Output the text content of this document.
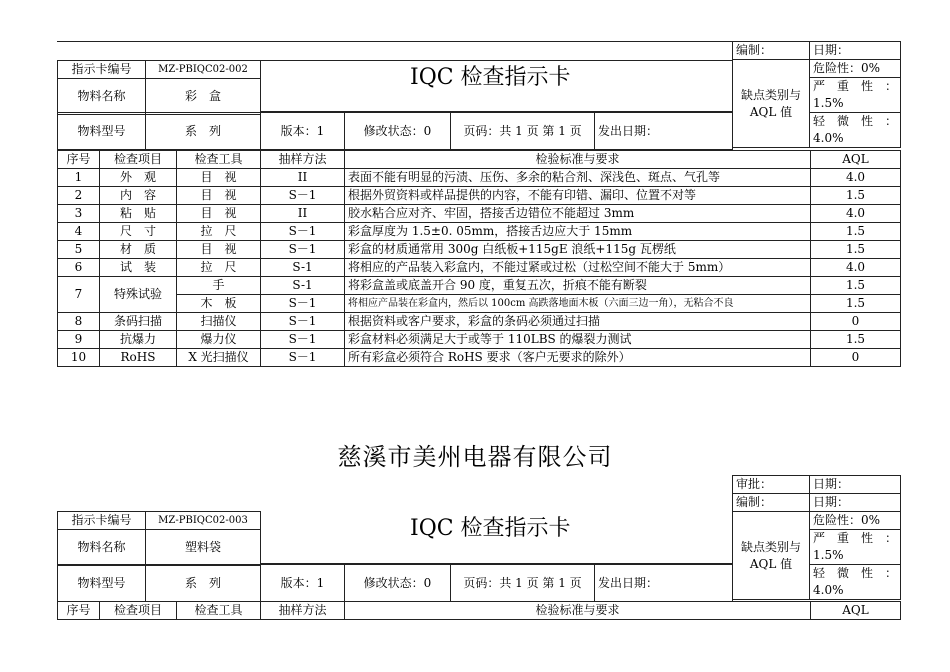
指示卡编号	MZ-PBIQC02-002
物料名称	彩　盒
IQC 检查指示卡
编制：	日期：
缺点类别与 AQL 值	危险性：0%
	严　重　性　：1.5%
	轻　微　性　：4.0%
物料型号	系　列	版本：1	修改状态：0	页码：共 1 页 第 1 页	发出日期：
序号	检查项目	检查工具	抽样方法	检验标准与要求	AQL
1	外　观	目　视	II	表面不能有明显的污渍、压伤、多余的粘合剂、深浅色、斑点、气孔等	4.0
2	内　容	目　视	S－1	根据外贸资料或样品提供的内容，不能有印错、漏印、位置不对等	1.5
3	粘　贴	目　视	II	胶水粘合应对齐、牢固，搭接舌边错位不能超过 3mm	4.0
4	尺　寸	拉　尺	S－1	彩盒厚度为 1.5±0. 05mm，搭接舌边应大于 15mm	1.5
5	材　质	目　视	S－1	彩盒的材质通常用 300g 白纸板+115gE 浪纸+115g 瓦楞纸	1.5
6	试　装	拉　尺	S-1	将相应的产品装入彩盒内，不能过紧或过松（过松空间不能大于 5mm）	4.0
7	特殊试验	手	S-1	将彩盒盖或底盖开合 90 度，重复五次，折痕不能有断裂	1.5
		木　板	S－1	将相应产品装在彩盒内，然后以 100cm 高跌落地面木板（六面三边一角），无粘合不良	1.5
8	条码扫描	扫描仪	S－1	根据资料或客户要求，彩盒的条码必须通过扫描	0
9	抗爆力	爆力仪	S－1	彩盒材料必须满足大于或等于 110LBS 的爆裂力测试	1.5
10	RoHS	X 光扫描仪	S－1	所有彩盒必须符合 RoHS 要求（客户无要求的除外）	0
慈溪市美州电器有限公司
审批：	日期：
编制：	日期：
缺点类别与 AQL 值	危险性：0%
	严　重　性　：1.5%
	轻　微　性　：4.0%
指示卡编号	MZ-PBIQC02-003
物料名称	塑料袋
IQC 检查指示卡
物料型号	系　列	版本：1	修改状态：0	页码：共 1 页 第 1 页	发出日期：
序号	检查项目	检查工具	抽样方法	检验标准与要求	AQL
